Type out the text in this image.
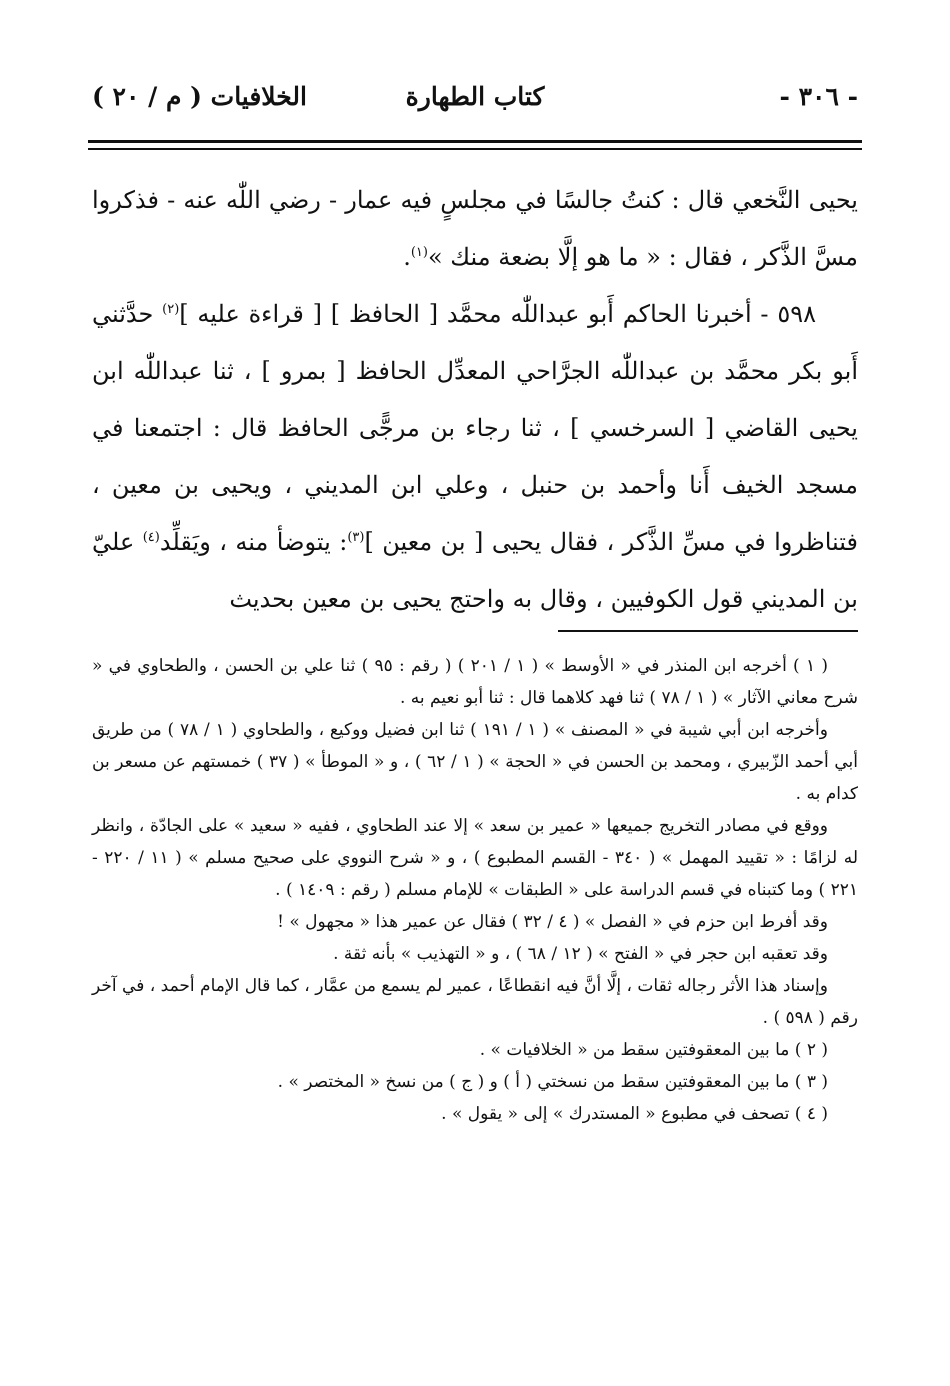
- ٣٠٦ -
كتاب الطهارة
الخلافيات ( م / ٢٠ )

يحيى النَّخعي قال : كنتُ جالسًا في مجلسٍ فيه عمار - رضي اللّٰه عنه - فذكروا مسَّ الذَّكر ، فقال : « ما هو إلَّا بضعة منك »$^{(١)}$.

٥٩٨ - أخبرنا الحاكم أَبو عبداللّٰه محمَّد [ الحافظ ] [ قراءة عليه ]$^{(٢)}$ حدَّثني أَبو بكر محمَّد بن عبداللّٰه الجرَّاحي المعدِّل الحافظ [ بمرو ] ، ثنا عبداللّٰه ابن يحيى القاضي [ السرخسي ] ، ثنا رجاء بن مرجًّى الحافظ قال : اجتمعنا في مسجد الخيف أَنا وأحمد بن حنبل ، وعلي ابن المديني ، ويحيى بن معين ، فتناظروا في مسِّ الذَّكر ، فقال يحيى [ بن معين ]$^{(٣)}$: يتوضأ منه ، ويَقلِّد$^{(٤)}$ عليّ بن المديني قول الكوفيين ، وقال به واحتج يحيى بن معين بحديث

( ١ ) أخرجه ابن المنذر في « الأوسط » ( ١ / ٢٠١ ) ( رقم : ٩٥ ) ثنا علي بن الحسن ، والطحاوي في « شرح معاني الآثار » ( ١ / ٧٨ ) ثنا فهد كلاهما قال : ثنا أبو نعيم به .

وأخرجه ابن أبي شيبة في « المصنف » ( ١ / ١٩١ ) ثنا ابن فضيل ووكيع ، والطحاوي ( ١ / ٧٨ ) من طريق أبي أحمد الزّبيري ، ومحمد بن الحسن في « الحجة » ( ١ / ٦٢ ) ، و « الموطأ » ( ٣٧ ) خمستهم عن مسعر بن كدام به .

ووقع في مصادر التخريج جميعها « عمير بن سعد » إلا عند الطحاوي ، ففيه « سعيد » على الجادّة ، وانظر له لزامًا : « تقييد المهمل » ( ٣٤٠ - القسم المطبوع ) ، و « شرح النووي على صحيح مسلم » ( ١١ / ٢٢٠ - ٢٢١ ) وما كتبناه في قسم الدراسة على « الطبقات » للإمام مسلم ( رقم : ١٤٠٩ ) .

وقد أفرط ابن حزم في « الفصل » ( ٤ / ٣٢ ) فقال عن عمير هذا « مجهول » !

وقد تعقبه ابن حجر في « الفتح » ( ١٢ / ٦٨ ) ، و « التهذيب » بأنه ثقة .

وإسناد هذا الأثر رجاله ثقات ، إلَّا أنَّ فيه انقطاعًا ، عمير لم يسمع من عمَّار ، كما قال الإمام أحمد ، في آخر رقم ( ٥٩٨ ) .

( ٢ ) ما بين المعقوفتين سقط من « الخلافيات » .

( ٣ ) ما بين المعقوفتين سقط من نسختي ( أ ) و ( ج ) من نسخ « المختصر » .

( ٤ ) تصحف في مطبوع « المستدرك » إلى « يقول » .
